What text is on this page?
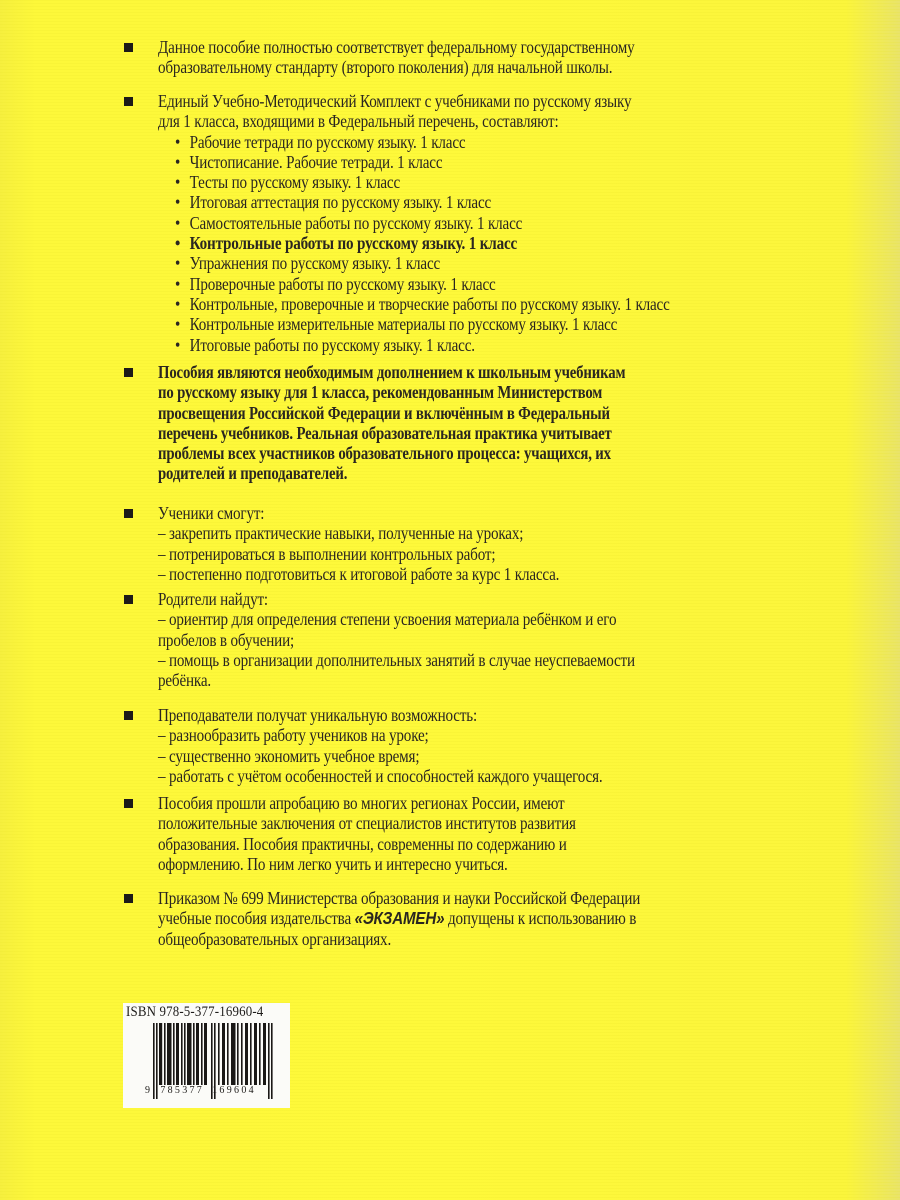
Данное пособие полностью соответствует федеральному государственному
образовательному стандарту (второго поколения) для начальной школы.
Единый Учебно-Методический Комплект с учебниками по русскому языку
для 1 класса, входящими в Федеральный перечень, составляют:
• Рабочие тетради по русскому языку. 1 класс
• Чистописание. Рабочие тетради. 1 класс
• Тесты по русскому языку. 1 класс
• Итоговая аттестация по русскому языку. 1 класс
• Самостоятельные работы по русскому языку. 1 класс
• Контрольные работы по русскому языку. 1 класс
• Упражнения по русскому языку. 1 класс
• Проверочные работы по русскому языку. 1 класс
• Контрольные, проверочные и творческие работы по русскому языку. 1 класс
• Контрольные измерительные материалы по русскому языку. 1 класс
• Итоговые работы по русскому языку. 1 класс.
Пособия являются необходимым дополнением к школьным учебникам
по русскому языку для 1 класса, рекомендованным Министерством
просвещения Российской Федерации и включённым в Федеральный
перечень учебников. Реальная образовательная практика учитывает
проблемы всех участников образовательного процесса: учащихся, их
родителей и преподавателей.
Ученики смогут:
– закрепить практические навыки, полученные на уроках;
– потренироваться в выполнении контрольных работ;
– постепенно подготовиться к итоговой работе за курс 1 класса.
Родители найдут:
– ориентир для определения степени усвоения материала ребёнком и его
пробелов в обучении;
– помощь в организации дополнительных занятий в случае неуспеваемости
ребёнка.
Преподаватели получат уникальную возможность:
– разнообразить работу учеников на уроке;
– существенно экономить учебное время;
– работать с учётом особенностей и способностей каждого учащегося.
Пособия прошли апробацию во многих регионах России, имеют
положительные заключения от специалистов институтов развития
образования. Пособия практичны, современны по содержанию и
оформлению. По ним легко учить и интересно учиться.
Приказом № 699 Министерства образования и науки Российской Федерации
учебные пособия издательства «ЭКЗАМЕН» допущены к использованию в
общеобразовательных организациях.
ISBN 978-5-377-16960-4
9 785377 169604
